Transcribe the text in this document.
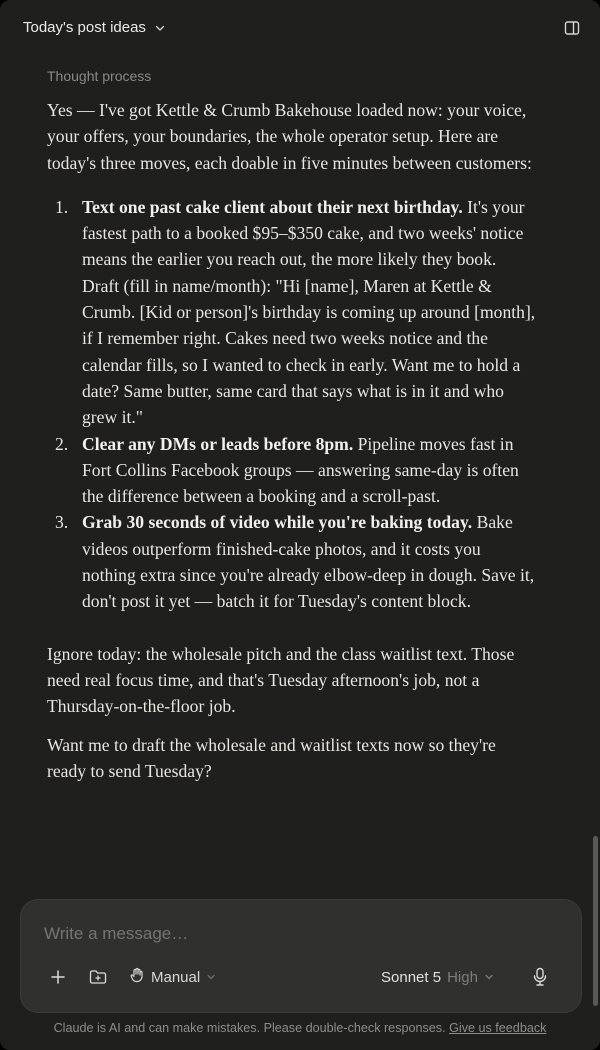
Today's post ideas
Thought process

Yes — I've got Kettle & Crumb Bakehouse loaded now: your voice, your offers, your boundaries, the whole operator setup. Here are today's three moves, each doable in five minutes between customers:

1. Text one past cake client about their next birthday. It's your fastest path to a booked $95–$350 cake, and two weeks' notice means the earlier you reach out, the more likely they book. Draft (fill in name/month): "Hi [name], Maren at Kettle & Crumb. [Kid or person]'s birthday is coming up around [month], if I remember right. Cakes need two weeks notice and the calendar fills, so I wanted to check in early. Want me to hold a date? Same butter, same card that says what is in it and who grew it."
2. Clear any DMs or leads before 8pm. Pipeline moves fast in Fort Collins Facebook groups — answering same-day is often the difference between a booking and a scroll-past.
3. Grab 30 seconds of video while you're baking today. Bake videos outperform finished-cake photos, and it costs you nothing extra since you're already elbow-deep in dough. Save it, don't post it yet — batch it for Tuesday's content block.

Ignore today: the wholesale pitch and the class waitlist text. Those need real focus time, and that's Tuesday afternoon's job, not a Thursday-on-the-floor job.

Want me to draft the wholesale and waitlist texts now so they're ready to send Tuesday?

Write a message…
Manual	Sonnet 5 High
Claude is AI and can make mistakes. Please double-check responses. Give us feedback
